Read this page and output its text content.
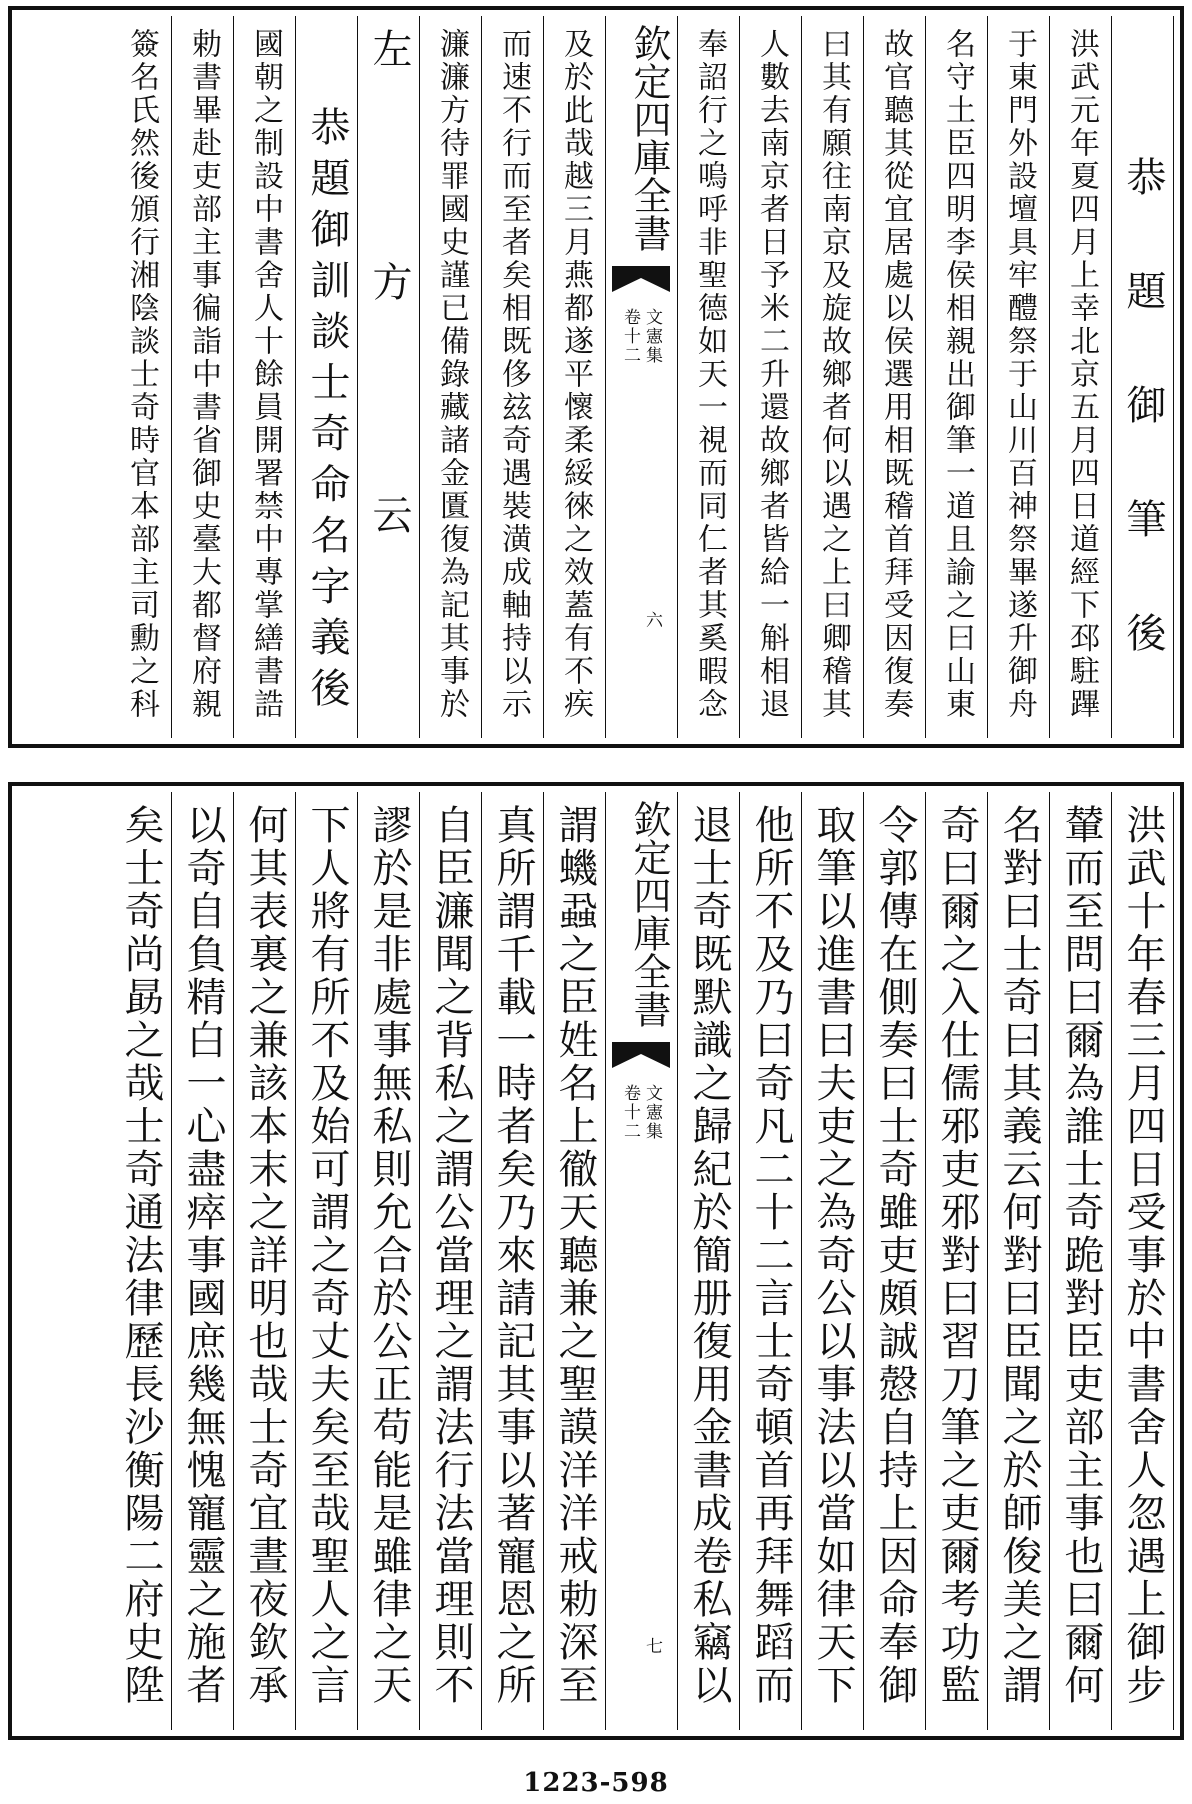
恭題御筆後
洪武元年夏四月上幸北京五月四日道經下邳駐蹕
于東門外設壇具牢醴祭于山川百神祭畢遂升御舟
名守土臣四明李侯相親出御筆一道且諭之曰山東
故官聽其從宜居處以侯選用相既稽首拜受因復奏
曰其有願往南京及旋故鄉者何以遇之上曰卿稽其
人數去南京者日予米二升還故鄉者皆給一斛相退
奉詔行之嗚呼非聖德如天一視而同仁者其奚暇念
欽定四庫全書
文憲集
卷十二
六
及於此哉越三月燕都遂平懷柔綏徠之效蓋有不疾
而速不行而至者矣相既侈玆奇遇裝潢成軸持以示
濂濂方待罪國史謹已備錄藏諸金匱復為記其事於
左方云
恭題御訓談士奇命名字義後
國朝之制設中書舍人十餘員開署禁中專掌繕書誥
勅書畢赴吏部主事徧詣中書省御史臺大都督府親
簽名氏然後頒行湘陰談士奇時官本部主司勳之科
洪武十年春三月四日受事於中書舍人忽遇上御步
輦而至問曰爾為誰士奇跪對臣吏部主事也曰爾何
名對曰士奇曰其義云何對曰臣聞之於師俊美之謂
奇曰爾之入仕儒邪吏邪對曰習刀筆之吏爾考功監
令郭傳在側奏曰士奇雖吏頗誠慤自持上因命奉御
取筆以進書曰夫吏之為奇公以事法以當如律天下
他所不及乃曰奇凡二十二言士奇頓首再拜舞蹈而
退士奇既默識之歸紀於簡册復用金書成卷私竊以
欽定四庫全書
文憲集
卷十二
七
謂蟣蝨之臣姓名上徹天聽兼之聖謨洋洋戒勅深至
真所謂千載一時者矣乃來請記其事以著寵恩之所
自臣濂聞之背私之謂公當理之謂法行法當理則不
謬於是非處事無私則允合於公正苟能是雖律之天
下人將有所不及始可謂之奇丈夫矣至哉聖人之言
何其表裏之兼該本末之詳明也哉士奇宜晝夜欽承
以奇自負精白一心盡瘁事國庶幾無愧寵靈之施者
矣士奇尚勗之哉士奇通法律歷長沙衡陽二府史陞
1223-598
